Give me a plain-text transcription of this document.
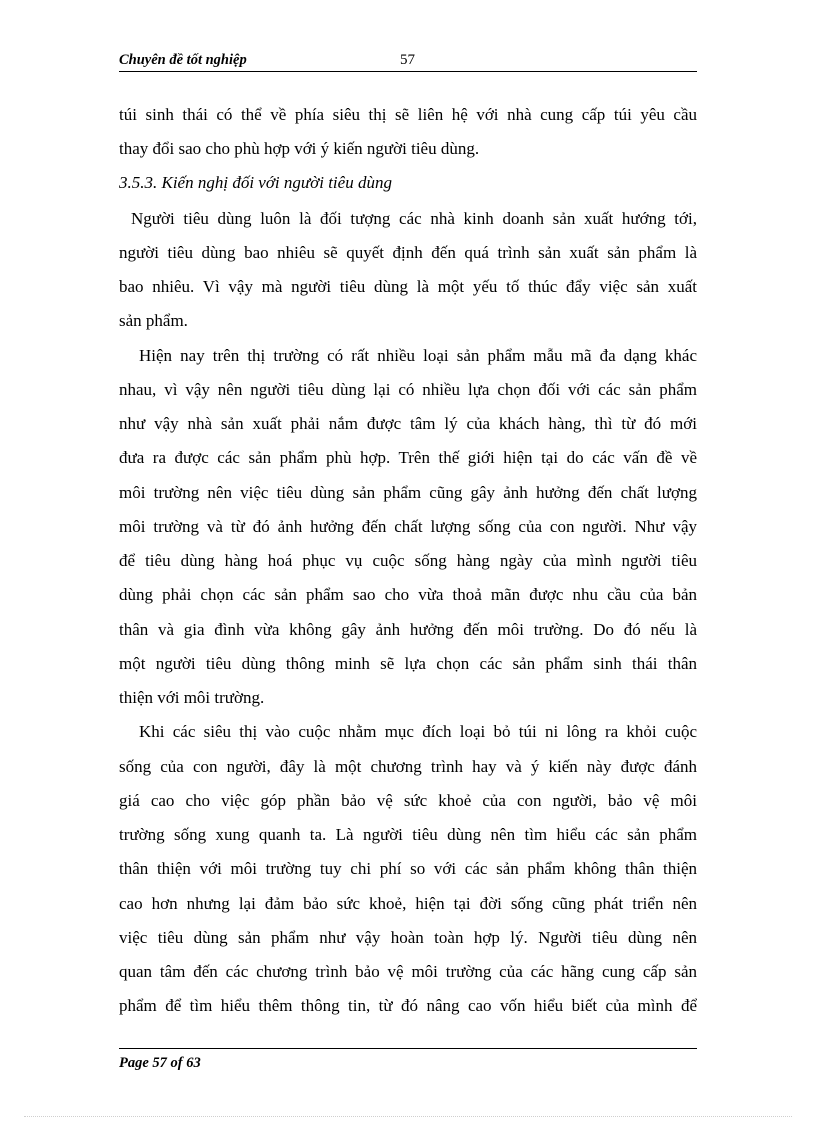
Chuyên đề tốt nghiệp	57
túi sinh thái có thể về phía siêu thị sẽ liên hệ với nhà cung cấp túi yêu cầu
thay đổi sao cho phù hợp với ý kiến người tiêu dùng.
3.5.3. Kiến nghị đối với người tiêu dùng
Người tiêu dùng luôn là đối tượng các nhà kinh doanh sản xuất hướng tới,
người tiêu dùng bao nhiêu sẽ quyết định đến quá trình sản xuất sản phẩm là
bao nhiêu. Vì vậy mà người tiêu dùng là một yếu tố thúc đẩy việc sản xuất
sản phẩm.
Hiện nay trên thị trường có rất nhiều loại sản phẩm mẫu mã đa dạng khác
nhau, vì vậy nên người tiêu dùng lại có nhiều lựa chọn đối với các sản phẩm
như vậy nhà sản xuất phải nắm được tâm lý của khách hàng, thì từ đó mới
đưa ra được các sản phẩm phù hợp. Trên thế giới hiện tại do các vấn đề về
môi trường nên việc tiêu dùng sản phẩm cũng gây ảnh hưởng đến chất lượng
môi trường và từ đó ảnh hưởng đến chất lượng sống của con người. Như vậy
để tiêu dùng hàng hoá phục vụ cuộc sống hàng ngày của mình người tiêu
dùng phải chọn các sản phẩm sao cho vừa thoả mãn được nhu cầu của bản
thân và gia đình vừa không gây ảnh hưởng đến môi trường. Do đó nếu là
một người tiêu dùng thông minh sẽ lựa chọn các sản phẩm sinh thái thân
thiện với môi trường.
Khi các siêu thị vào cuộc nhằm mục đích loại bỏ túi ni lông ra khỏi cuộc
sống của con người, đây là một chương trình hay và ý kiến này được đánh
giá cao cho việc góp phần bảo vệ sức khoẻ của con người, bảo vệ môi
trường sống xung quanh ta. Là người tiêu dùng nên tìm hiểu các sản phẩm
thân thiện với môi trường tuy chi phí so với các sản phẩm không thân thiện
cao hơn nhưng lại đảm bảo sức khoẻ, hiện tại đời sống cũng phát triển nên
việc tiêu dùng sản phẩm như vậy hoàn toàn hợp lý. Người tiêu dùng nên
quan tâm đến các chương trình bảo vệ môi trường của các hãng cung cấp sản
phẩm để tìm hiểu thêm thông tin, từ đó nâng cao vốn hiểu biết của mình để
Page 57 of 63
